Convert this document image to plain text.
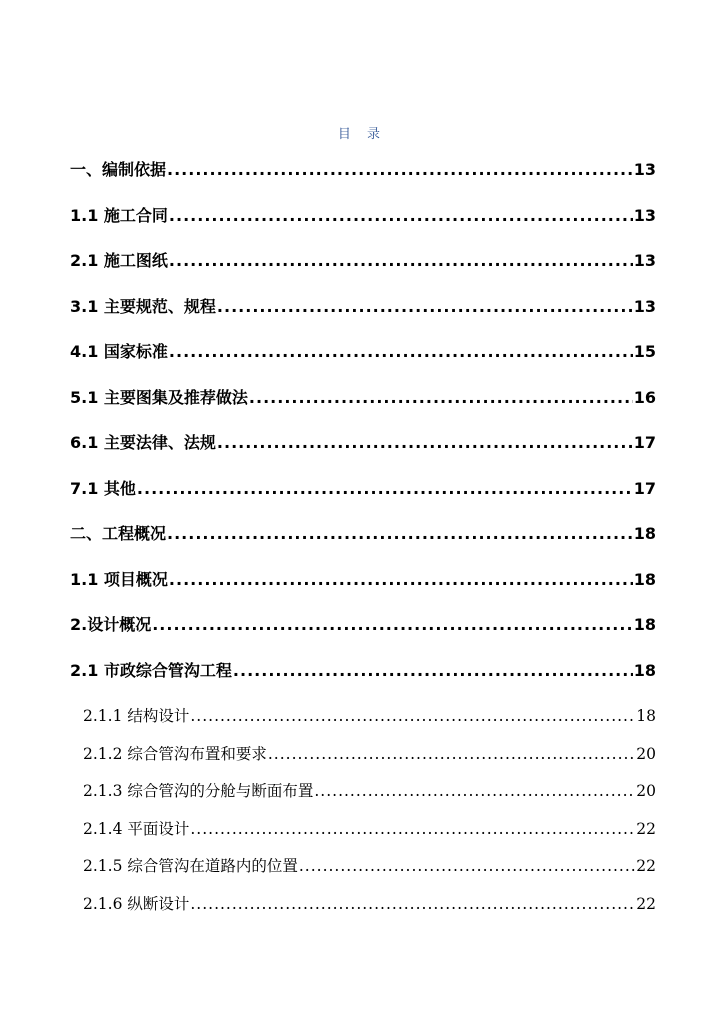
目 录
一、编制依据 .....	13
1.1 施工合同 .....	13
2.1 施工图纸 .....	13
3.1 主要规范、规程 .....	13
4.1 国家标准 .....	15
5.1 主要图集及推荐做法 .....	16
6.1 主要法律、法规 .....	17
7.1 其他 .....	17
二、工程概况 .....	18
1.1 项目概况 .....	18
2.设计概况 .....	18
2.1 市政综合管沟工程 .....	18
2.1.1 结构设计 .....	18
2.1.2 综合管沟布置和要求 .....	20
2.1.3 综合管沟的分舱与断面布置 .....	20
2.1.4 平面设计 .....	22
2.1.5 综合管沟在道路内的位置 .....	22
2.1.6 纵断设计 .....	22
